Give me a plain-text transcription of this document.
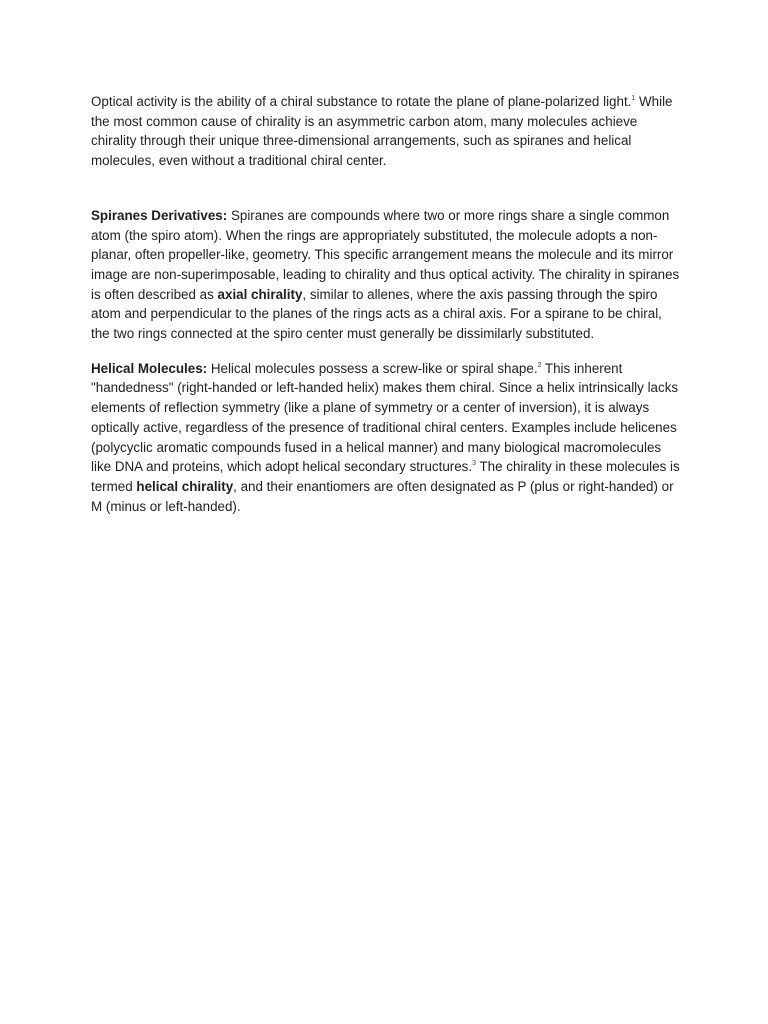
Optical activity is the ability of a chiral substance to rotate the plane of plane-polarized light.$^1$ While the most common cause of chirality is an asymmetric carbon atom, many molecules achieve chirality through their unique three-dimensional arrangements, such as spiranes and helical molecules, even without a traditional chiral center.

Spiranes Derivatives: Spiranes are compounds where two or more rings share a single common atom (the spiro atom). When the rings are appropriately substituted, the molecule adopts a non-planar, often propeller-like, geometry. This specific arrangement means the molecule and its mirror image are non-superimposable, leading to chirality and thus optical activity. The chirality in spiranes is often described as axial chirality, similar to allenes, where the axis passing through the spiro atom and perpendicular to the planes of the rings acts as a chiral axis. For a spirane to be chiral, the two rings connected at the spiro center must generally be dissimilarly substituted.

Helical Molecules: Helical molecules possess a screw-like or spiral shape.$^2$ This inherent "handedness" (right-handed or left-handed helix) makes them chiral. Since a helix intrinsically lacks elements of reflection symmetry (like a plane of symmetry or a center of inversion), it is always optically active, regardless of the presence of traditional chiral centers. Examples include helicenes (polycyclic aromatic compounds fused in a helical manner) and many biological macromolecules like DNA and proteins, which adopt helical secondary structures.$^3$ The chirality in these molecules is termed helical chirality, and their enantiomers are often designated as P (plus or right-handed) or M (minus or left-handed).
